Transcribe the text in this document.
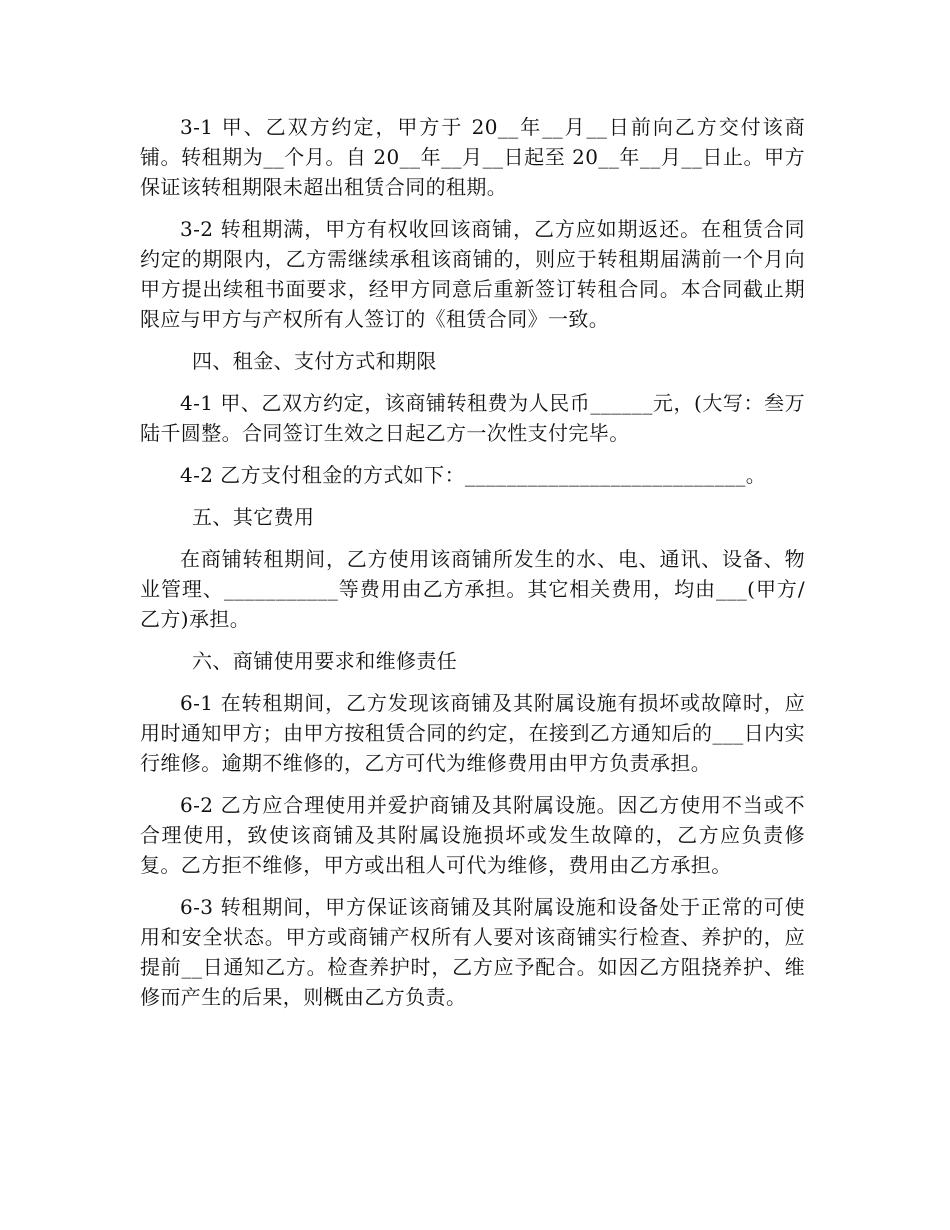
3-1 甲、乙双方约定，甲方于 20__年__月__日前向乙方交付该商铺。转租期为__个月。自 20__年__月__日起至 20__年__月__日止。甲方保证该转租期限未超出租赁合同的租期。

3-2 转租期满，甲方有权收回该商铺，乙方应如期返还。在租赁合同约定的期限内，乙方需继续承租该商铺的，则应于转租期届满前一个月向甲方提出续租书面要求，经甲方同意后重新签订转租合同。本合同截止期限应与甲方与产权所有人签订的《租赁合同》一致。

四、租金、支付方式和期限

4-1 甲、乙双方约定，该商铺转租费为人民币______元，(大写：叁万陆千圆整。合同签订生效之日起乙方一次性支付完毕。

4-2 乙方支付租金的方式如下：___________________________。

五、其它费用

在商铺转租期间，乙方使用该商铺所发生的水、电、通讯、设备、物业管理、___________等费用由乙方承担。其它相关费用，均由___(甲方/乙方)承担。

六、商铺使用要求和维修责任

6-1 在转租期间，乙方发现该商铺及其附属设施有损坏或故障时，应用时通知甲方；由甲方按租赁合同的约定，在接到乙方通知后的___日内实行维修。逾期不维修的，乙方可代为维修费用由甲方负责承担。

6-2 乙方应合理使用并爱护商铺及其附属设施。因乙方使用不当或不合理使用，致使该商铺及其附属设施损坏或发生故障的，乙方应负责修复。乙方拒不维修，甲方或出租人可代为维修，费用由乙方承担。

6-3 转租期间，甲方保证该商铺及其附属设施和设备处于正常的可使用和安全状态。甲方或商铺产权所有人要对该商铺实行检查、养护的，应提前__日通知乙方。检查养护时，乙方应予配合。如因乙方阻挠养护、维修而产生的后果，则概由乙方负责。
